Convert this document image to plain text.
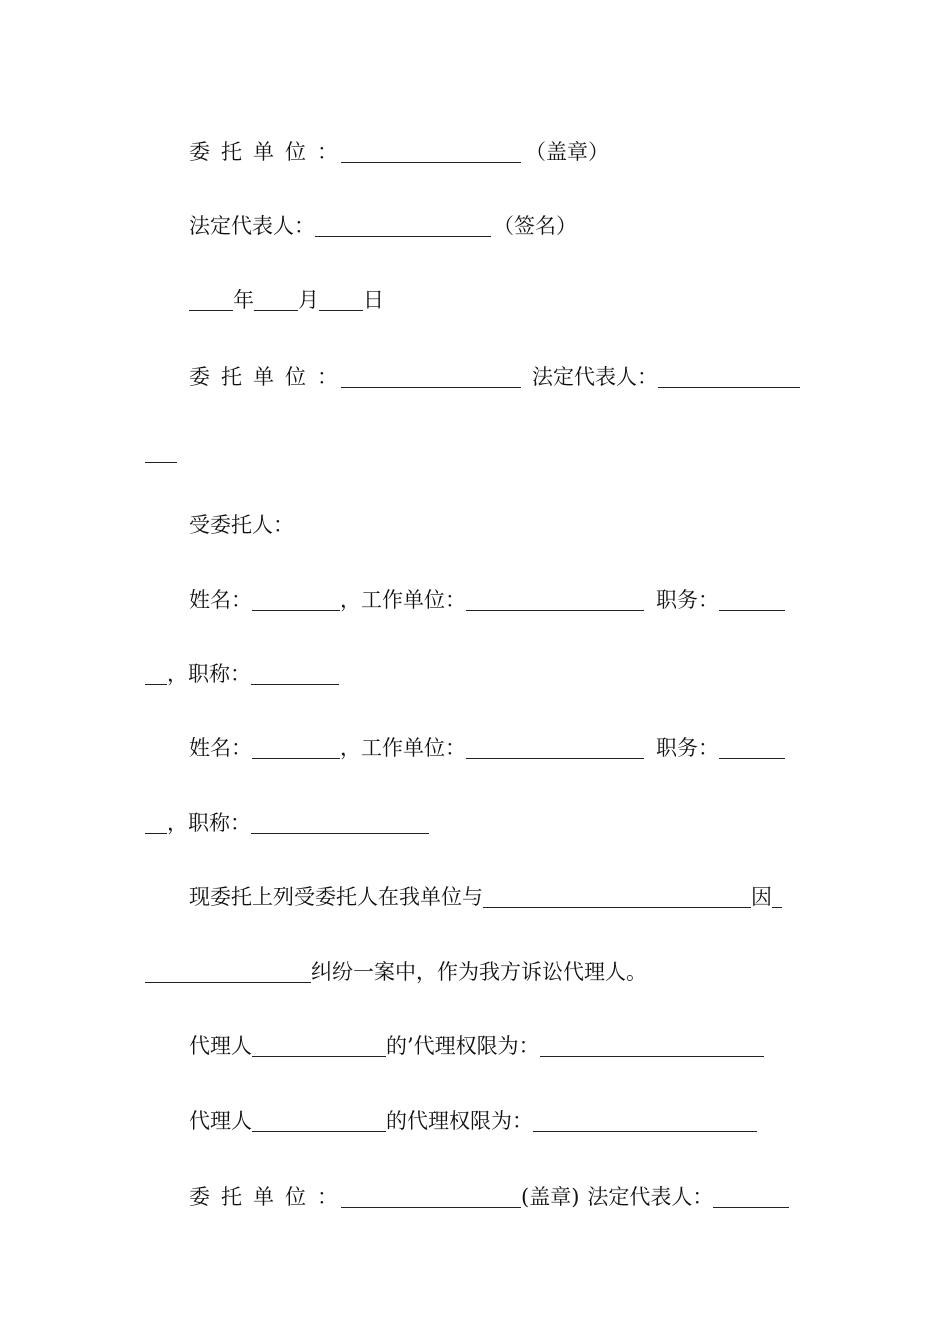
委托单位：	（盖章）
法定代表人：	（签名）
年 月 日
委托单位：	法定代表人：
受委托人：
姓名：	，工作单位：	职务：
，职称：
姓名：	，工作单位：	职务：
，职称：
现委托上列受委托人在我单位与	因
纠纷一案中，作为我方诉讼代理人。
代理人	的’代理权限为：
代理人	的代理权限为：
委托单位：	(盖章) 法定代表人：
